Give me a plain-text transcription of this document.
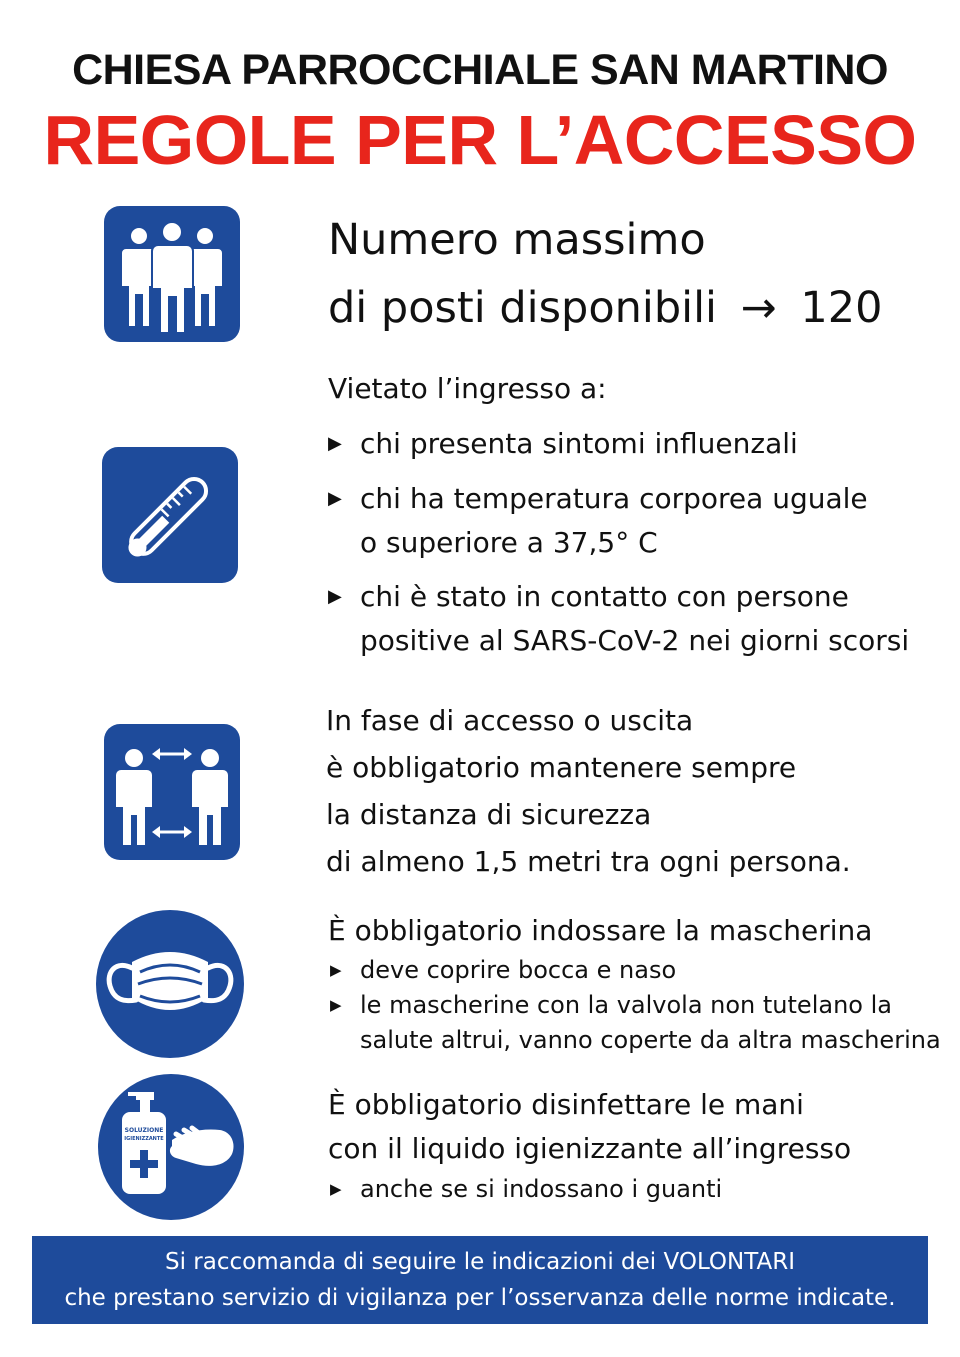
CHIESA PARROCCHIALE SAN MARTINO
REGOLE PER L’ACCESSO
Numero massimo
di posti disponibili → 120
Vietato l’ingresso a:
▶ chi presenta sintomi influenzali
▶ chi ha temperatura corporea uguale
o superiore a 37,5° C
▶ chi è stato in contatto con persone
positive al SARS-CoV-2 nei giorni scorsi
In fase di accesso o uscita
è obbligatorio mantenere sempre
la distanza di sicurezza
di almeno 1,5 metri tra ogni persona.
È obbligatorio indossare la mascherina
▶ deve coprire bocca e naso
▶ le mascherine con la valvola non tutelano la
salute altrui, vanno coperte da altra mascherina
SOLUZIONE
IGIENIZZANTE
È obbligatorio disinfettare le mani
con il liquido igienizzante all’ingresso
▶ anche se si indossano i guanti
Si raccomanda di seguire le indicazioni dei VOLONTARI
che prestano servizio di vigilanza per l’osservanza delle norme indicate.
